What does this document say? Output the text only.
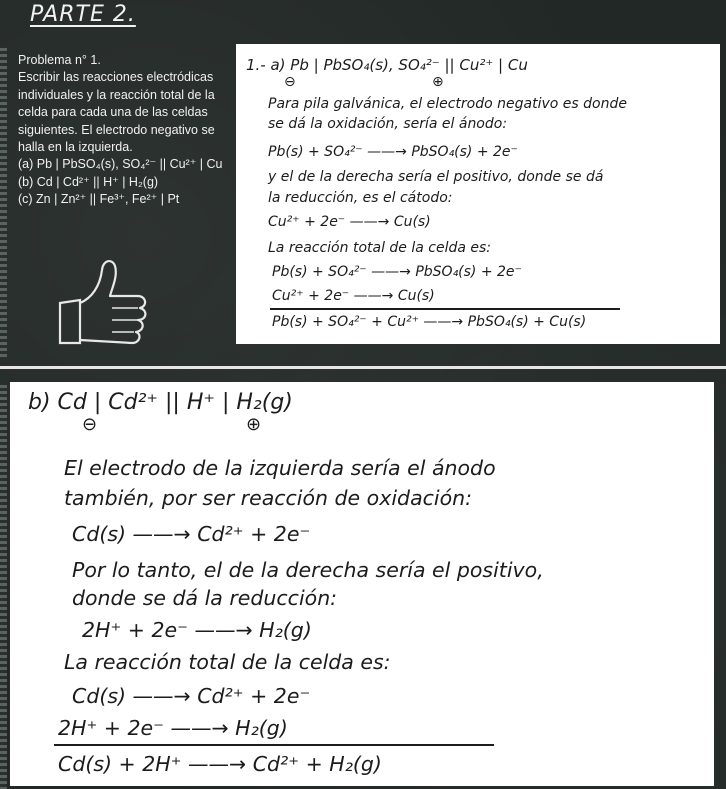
PARTE 2.
Problema n° 1.
Escribir las reacciones electródicas
individuales y la reacción total de la
celda para cada una de las celdas
siguientes. El electrodo negativo se
halla en la izquierda.
(a) Pb | PbSO₄(s), SO₄²⁻ || Cu²⁺ | Cu
(b) Cd | Cd²⁺ || H⁺ | H₂(g)
(c) Zn | Zn²⁺ || Fe³⁺, Fe²⁺ | Pt
1.- a) Pb | PbSO₄(s), SO₄²⁻ || Cu²⁺ | Cu
⊖	⊕
Para pila galvánica, el electrodo negativo es donde
se dá la oxidación, sería el ánodo:
Pb(s) + SO₄²⁻ ——→ PbSO₄(s) + 2e⁻
y el de la derecha sería el positivo, donde se dá
la reducción, es el cátodo:
Cu²⁺ + 2e⁻ ——→ Cu(s)
La reacción total de la celda es:
Pb(s) + SO₄²⁻ ——→ PbSO₄(s) + 2e⁻
Cu²⁺ + 2e⁻ ——→ Cu(s)
Pb(s) + SO₄²⁻ + Cu²⁺ ——→ PbSO₄(s) + Cu(s)
b) Cd | Cd²⁺ || H⁺ | H₂(g)
⊖	⊕
El electrodo de la izquierda sería el ánodo
también, por ser reacción de oxidación:
Cd(s) ——→ Cd²⁺ + 2e⁻
Por lo tanto, el de la derecha sería el positivo,
donde se dá la reducción:
2H⁺ + 2e⁻ ——→ H₂(g)
La reacción total de la celda es:
Cd(s) ——→ Cd²⁺ + 2e⁻
2H⁺ + 2e⁻ ——→ H₂(g)
Cd(s) + 2H⁺ ——→ Cd²⁺ + H₂(g)
